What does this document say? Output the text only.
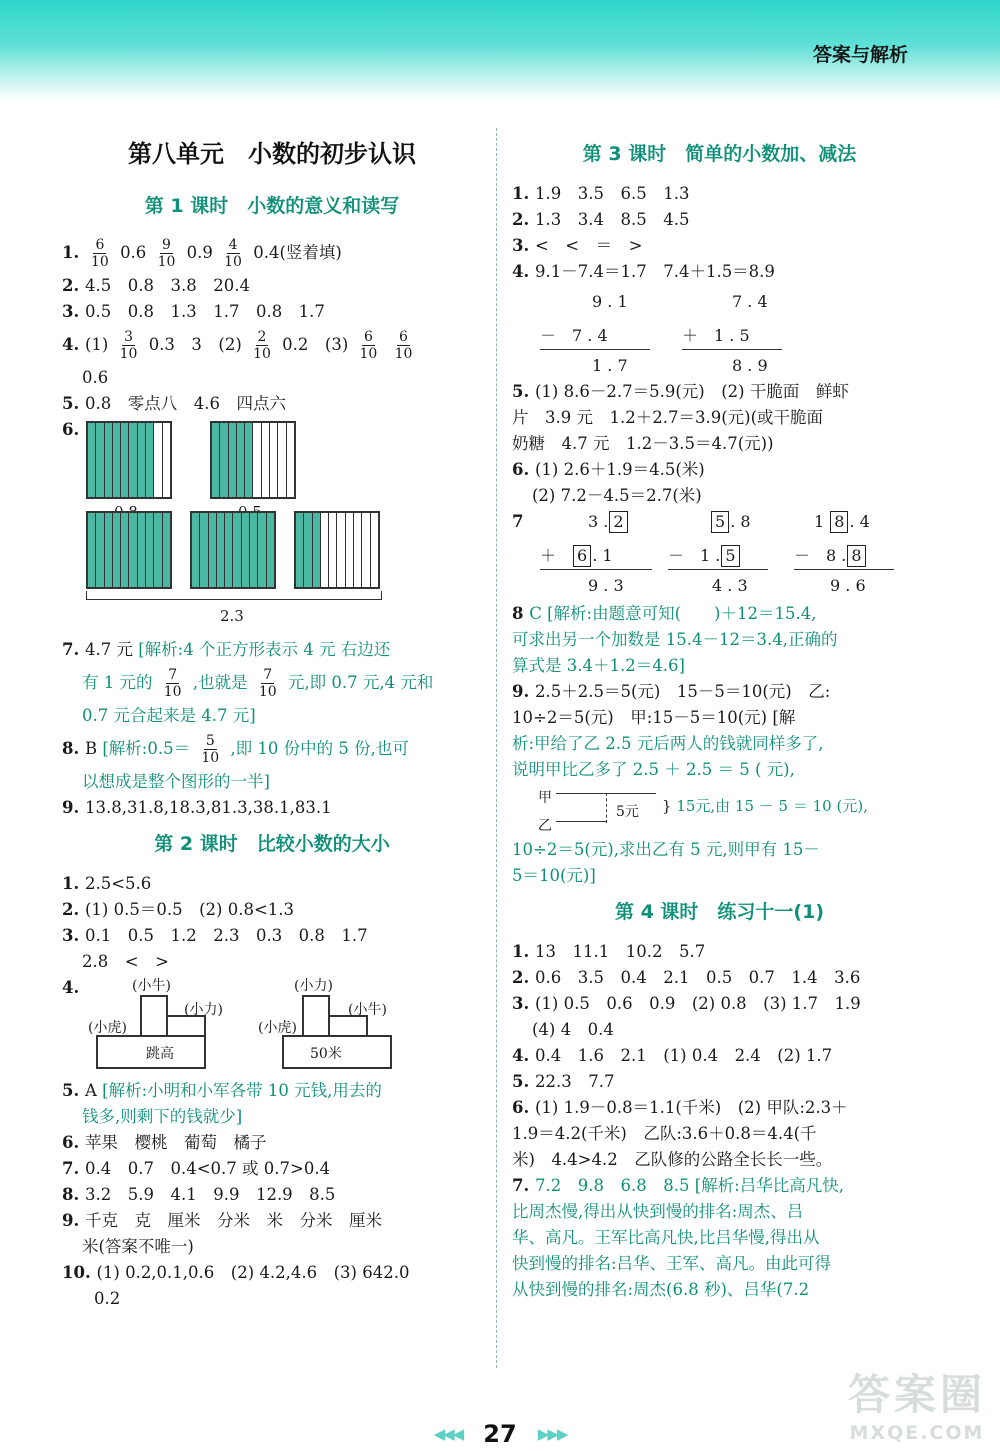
答案与解析
第八单元　小数的初步认识
第 1 课时　小数的意义和读写
1. $\frac{6}{10} 0.6 \frac{9}{10} 0.9 \frac{4}{10} 0.4$(竖着填)
2. 4.5　0.8　3.8　20.4
3. 0.5　0.8　1.3　1.7　0.8　1.7
4. $(1) \frac{3}{10} 0.3$　3　$(2) \frac{2}{10} 0.2$　$(3) \frac{6}{10}$
$\frac{6}{10}$
0.6
5. 0.8　零点八　4.6　四点六
6.
2.3
7. 4.7 元 [解析:4 个正方形表示 4 元 右边还
有 1 元的 $\frac{7}{10}$ ,也就是 $\frac{7}{10}$ 元,即 0.7 元,4 元和
0.7 元合起来是 4.7 元]
8. B [解析:0.5＝ $\frac{5}{10}$ ,即 10 份中的 5 份,也可
以想成是整个图形的一半]
9. 13.8,31.8,18.3,81.3,38.1,83.1
第 2 课时　比较小数的大小
1. 2.5<5.6
2. (1) 0.5＝0.5　(2) 0.8<1.3
3. 0.1　0.5　1.2　2.3　0.3　0.8　1.7
2.8　<　>
4.	(小牛)
(小力)
(小虎)
跳高
(小力)
(小牛)
(小虎)
50米
5. A [解析:小明和小军各带 10 元钱,用去的
钱多,则剩下的钱就少]
6. 苹果　樱桃　葡萄　橘子
7. 0.4　0.7　0.4<0.7 或 0.7>0.4
8. 3.2　5.9　4.1　9.9　12.9　8.5
9. 千克　克　厘米　分米　米　分米　厘米
米(答案不唯一)
10. (1) 0.2,0.1,0.6　(2) 4.2,4.6　(3) 642.0
0.2
第 3 课时　简单的小数加、减法
1. 1.9　3.5　6.5　1.3
2. 1.3　3.4　8.5　4.5
3. <　<　＝　>
4. 9.1－7.4＝1.7　7.4＋1.5＝8.9
9 . 1
－　7 . 4
1 . 7
7 . 4
＋　1 . 5
8 . 9
5. (1) 8.6－2.7＝5.9(元)　(2) 干脆面　鲜虾
片　3.9 元　1.2＋2.7＝3.9(元)(或干脆面
奶糖　4.7 元　1.2－3.5＝4.7(元))
6. (1) 2.6＋1.9＝4.5(米)
(2) 7.2－4.5＝2.7(米)
7	3 . 2
＋　 6 . 1
9 . 3
5 . 8
－　 1 . 5
4 . 3
1 8 . 4
－　 8 . 8
9 . 6
8 C [解析:由题意可知(　　)＋12＝15.4,
可求出另一个加数是 15.4－12＝3.4,正确的
算式是 3.4＋1.2＝4.6]
9. 2.5＋2.5＝5(元)　15－5＝10(元)　乙:
10÷2＝5(元)　甲:15－5＝10(元) [解
析:甲给了乙 2.5 元后两人的钱就同样多了,
说明甲比乙多了 2.5 ＋ 2.5 ＝ 5 ( 元),
甲
乙
5元 } 15元,由 15 － 5 ＝ 10 (元),
10÷2＝5(元),求出乙有 5 元,则甲有 15－
5＝10(元)]
第 4 课时　练习十一(1)
1. 13　11.1　10.2　5.7
2. 0.6　3.5　0.4　2.1　0.5　0.7　1.4　3.6
3. (1) 0.5　0.6　0.9　(2) 0.8　(3) 1.7　1.9
(4) 4　0.4
4. 0.4　1.6　2.1　(1) 0.4　2.4　(2) 1.7
5. 22.3　7.7
6. (1) 1.9－0.8＝1.1(千米)　(2) 甲队:2.3＋
1.9＝4.2(千米)　乙队:3.6＋0.8＝4.4(千
米)　4.4>4.2　乙队修的公路全长长一些。
7. 7.2　9.8　6.8　8.5 [解析:吕华比高凡快,
比周杰慢,得出从快到慢的排名:周杰、吕
华、高凡。王军比高凡快,比吕华慢,得出从
快到慢的排名:吕华、王军、高凡。由此可得
从快到慢的排名:周杰(6.8 秒)、吕华(7.2
◀◀◀ 27 ▶▶▶
答案圈
MXQE.COM
